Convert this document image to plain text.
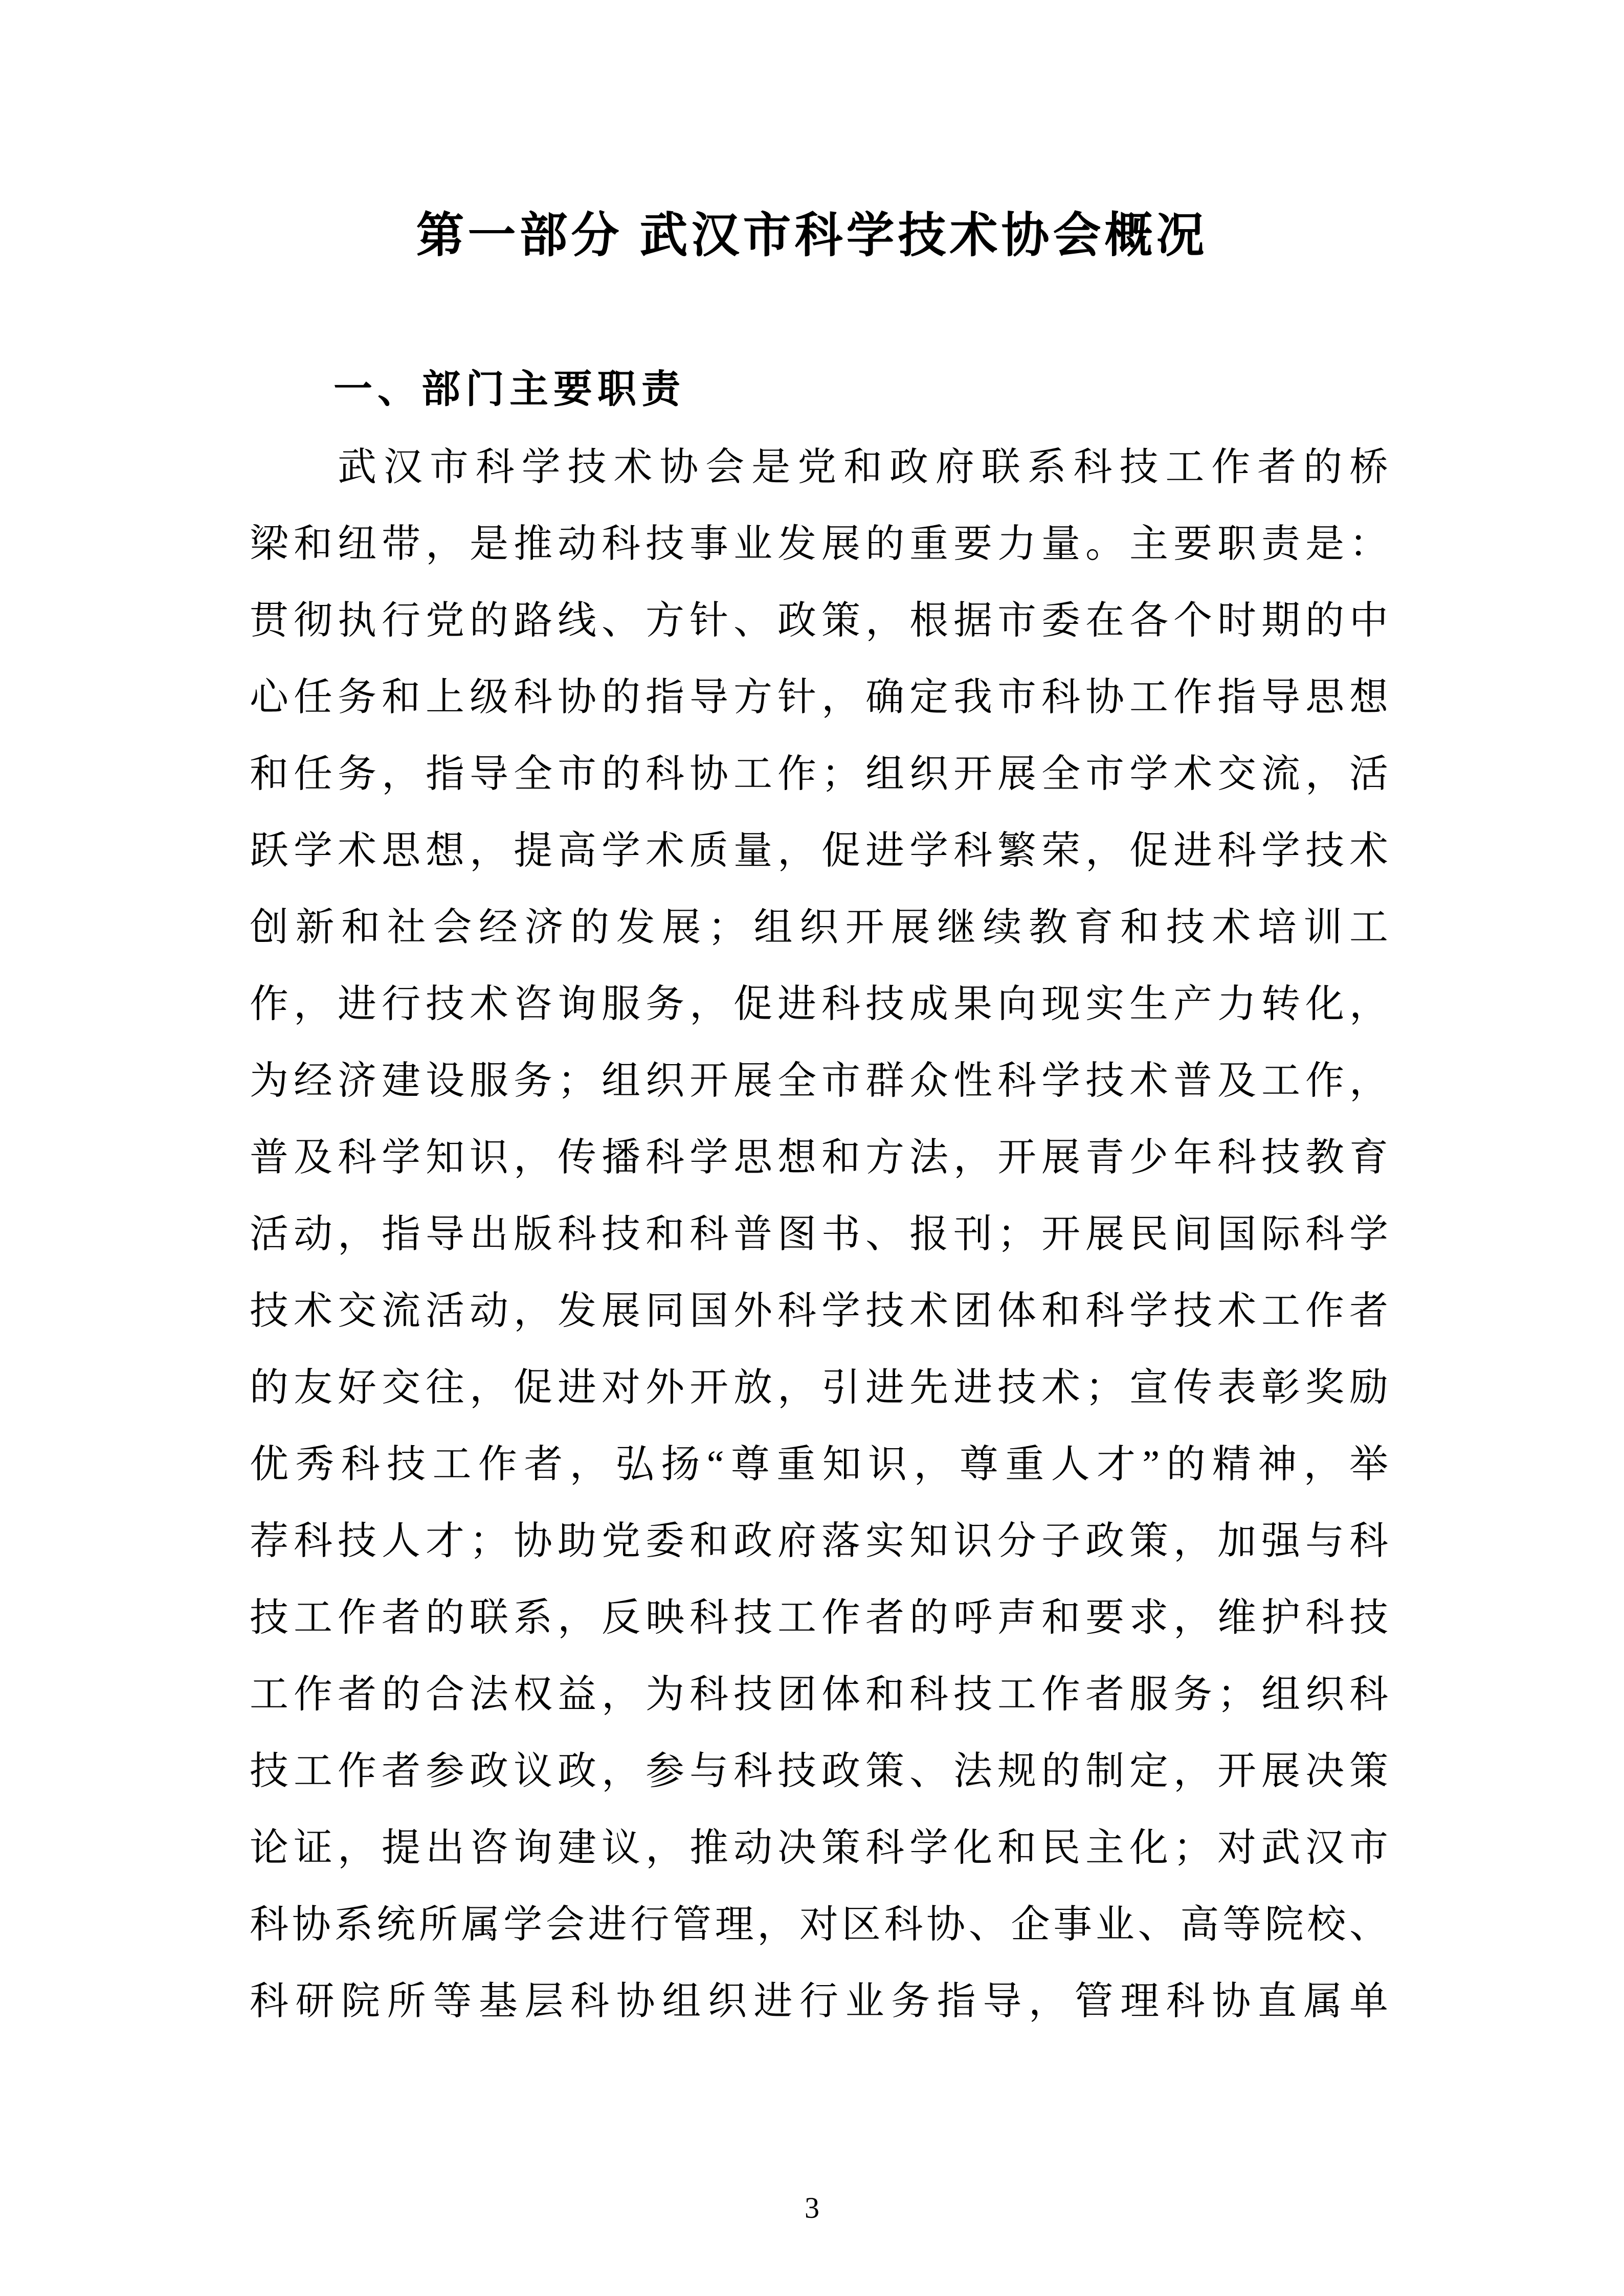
第一部分 武汉市科学技术协会概况
一、部门主要职责
武汉市科学技术协会是党和政府联系科技工作者的桥
梁和纽带，是推动科技事业发展的重要力量。主要职责是：
贯彻执行党的路线、方针、政策，根据市委在各个时期的中
心任务和上级科协的指导方针，确定我市科协工作指导思想
和任务，指导全市的科协工作；组织开展全市学术交流，活
跃学术思想，提高学术质量，促进学科繁荣，促进科学技术
创新和社会经济的发展；组织开展继续教育和技术培训工
作，进行技术咨询服务，促进科技成果向现实生产力转化，
为经济建设服务；组织开展全市群众性科学技术普及工作，
普及科学知识，传播科学思想和方法，开展青少年科技教育
活动，指导出版科技和科普图书、报刊；开展民间国际科学
技术交流活动，发展同国外科学技术团体和科学技术工作者
的友好交往，促进对外开放，引进先进技术；宣传表彰奖励
优秀科技工作者，弘扬“尊重知识，尊重人才”的精神，举
荐科技人才；协助党委和政府落实知识分子政策，加强与科
技工作者的联系，反映科技工作者的呼声和要求，维护科技
工作者的合法权益，为科技团体和科技工作者服务；组织科
技工作者参政议政，参与科技政策、法规的制定，开展决策
论证，提出咨询建议，推动决策科学化和民主化；对武汉市
科协系统所属学会进行管理，对区科协、企事业、高等院校、
科研院所等基层科协组织进行业务指导，管理科协直属单
3
